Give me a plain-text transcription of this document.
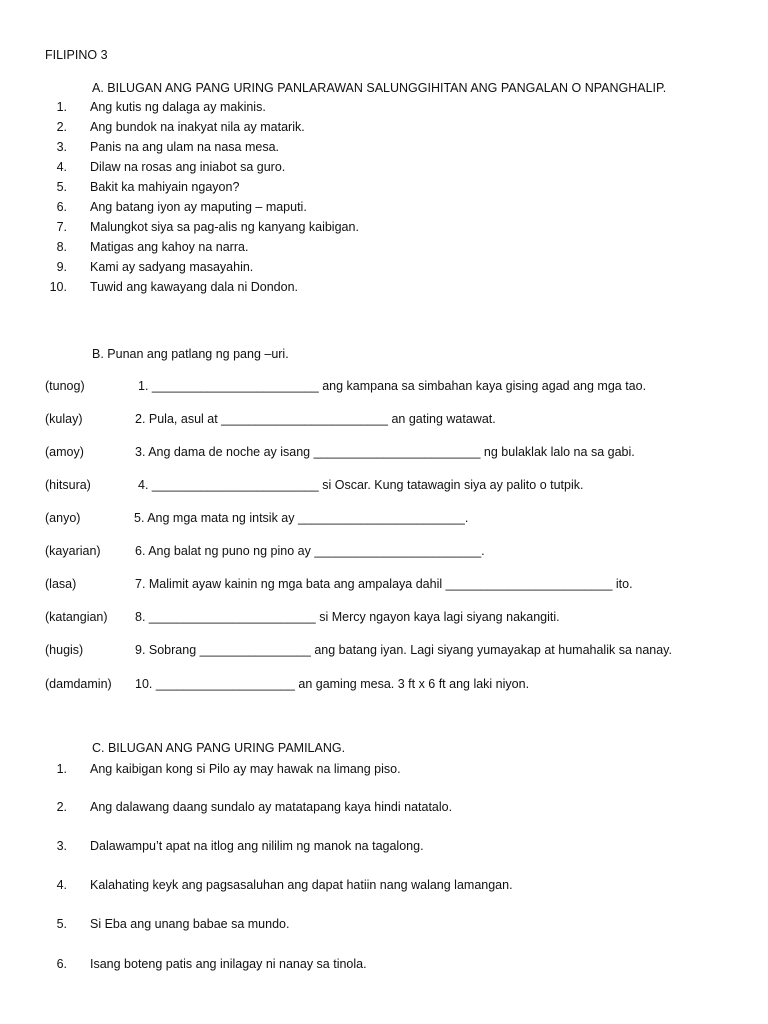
FILIPINO 3
A. BILUGAN ANG PANG URING PANLARAWAN SALUNGGIHITAN ANG PANGALAN O NPANGHALIP.
1. Ang kutis ng dalaga ay makinis.
2. Ang bundok na inakyat nila ay matarik.
3. Panis na ang ulam na nasa mesa.
4. Dilaw na rosas ang iniabot sa guro.
5. Bakit ka mahiyain ngayon?
6. Ang batang iyon ay maputing – maputi.
7. Malungkot siya sa pag-alis ng kanyang kaibigan.
8. Matigas ang kahoy na narra.
9. Kami ay sadyang masayahin.
10. Tuwid ang kawayang dala ni Dondon.
B. Punan ang patlang ng pang –uri.
(tunog)	1. ________________________ ang kampana sa simbahan kaya gising agad ang mga tao.
(kulay)	2. Pula, asul at ________________________ an gating watawat.
(amoy)	3. Ang dama de noche ay isang ________________________ ng bulaklak lalo na sa gabi.
(hitsura)	4. ________________________ si Oscar. Kung tatawagin siya ay palito o tutpik.
(anyo)	5. Ang mga mata ng intsik ay ________________________.
(kayarian)	6. Ang balat ng puno ng pino ay ________________________.
(lasa)	7. Malimit ayaw kainin ng mga bata ang ampalaya dahil ________________________ ito.
(katangian) 8. ________________________ si Mercy ngayon kaya lagi siyang nakangiti.
(hugis)	9. Sobrang ________________ ang batang iyan. Lagi siyang yumayakap at humahalik sa nanay.
(damdamin) 10. ____________________ an gaming mesa. 3 ft x 6 ft ang laki niyon.
C. BILUGAN ANG PANG URING PAMILANG.
1. Ang kaibigan kong si Pilo ay may hawak na limang piso.
2. Ang dalawang daang sundalo ay matatapang kaya hindi natatalo.
3. Dalawampu’t apat na itlog ang nililim ng manok na tagalong.
4. Kalahating keyk ang pagsasaluhan ang dapat hatiin nang walang lamangan.
5. Si Eba ang unang babae sa mundo.
6. Isang boteng patis ang inilagay ni nanay sa tinola.
